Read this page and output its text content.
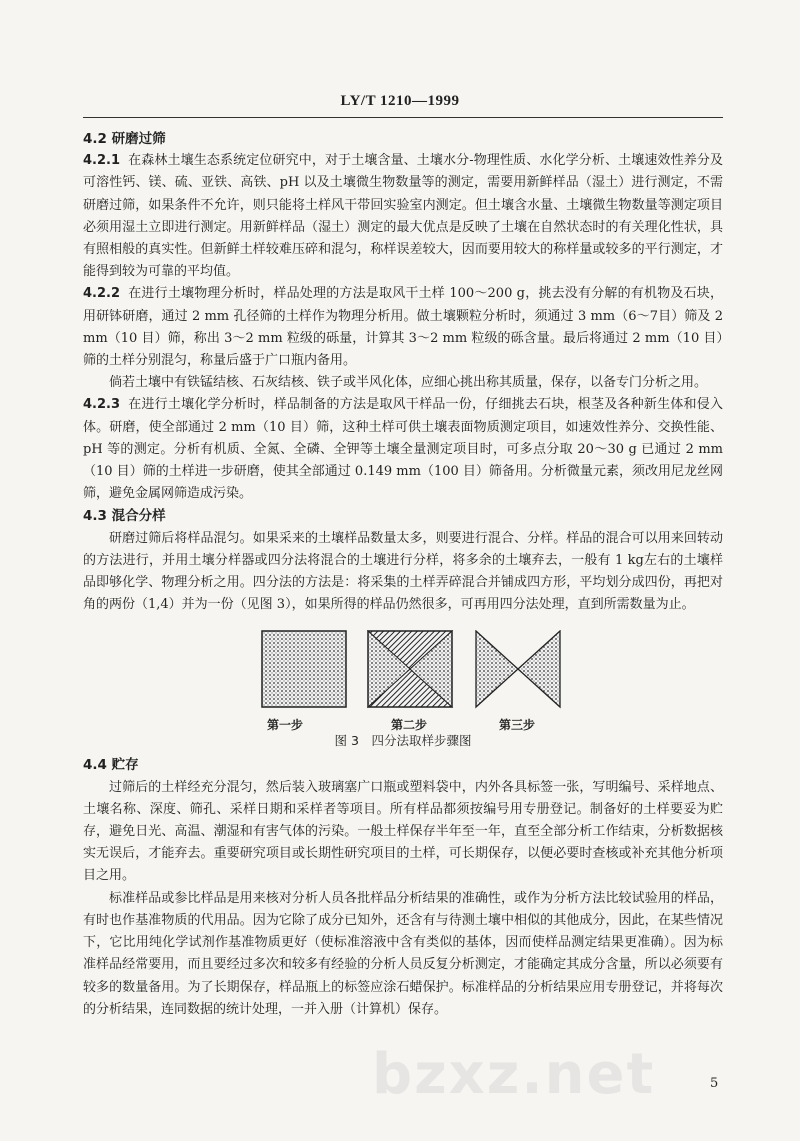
LY/T 1210—1999

4.2 研磨过筛

4.2.1 在森林土壤生态系统定位研究中，对于土壤含量、土壤水分-物理性质、水化学分析、土壤速效性养分及可溶性钙、镁、硫、亚铁、高铁、pH 以及土壤微生物数量等的测定，需要用新鲜样品（湿土）进行测定，不需研磨过筛，如果条件不允许，则只能将土样风干带回实验室内测定。但土壤含水量、土壤微生物数量等测定项目必须用湿土立即进行测定。用新鲜样品（湿土）测定的最大优点是反映了土壤在自然状态时的有关理化性状，具有照相般的真实性。但新鲜土样较难压碎和混匀，称样误差较大，因而要用较大的称样量或较多的平行测定，才能得到较为可靠的平均值。

4.2.2 在进行土壤物理分析时，样品处理的方法是取风干土样 100～200 g，挑去没有分解的有机物及石块，用研钵研磨，通过 2 mm 孔径筛的土样作为物理分析用。做土壤颗粒分析时，须通过 3 mm（6～7目）筛及 2 mm（10 目）筛，称出 3～2 mm 粒级的砾量，计算其 3～2 mm 粒级的砾含量。最后将通过 2 mm（10 目）筛的土样分别混匀，称量后盛于广口瓶内备用。

倘若土壤中有铁锰结核、石灰结核、铁子或半风化体，应细心挑出称其质量，保存，以备专门分析之用。

4.2.3 在进行土壤化学分析时，样品制备的方法是取风干样品一份，仔细挑去石块，根茎及各种新生体和侵入体。研磨，使全部通过 2 mm（10 目）筛，这种土样可供土壤表面物质测定项目，如速效性养分、交换性能、pH 等的测定。分析有机质、全氮、全磷、全钾等土壤全量测定项目时，可多点分取 20～30 g 已通过 2 mm（10 目）筛的土样进一步研磨，使其全部通过 0.149 mm（100 目）筛备用。分析微量元素，须改用尼龙丝网筛，避免金属网筛造成污染。

4.3 混合分样

研磨过筛后将样品混匀。如果采来的土壤样品数量太多，则要进行混合、分样。样品的混合可以用来回转动的方法进行，并用土壤分样器或四分法将混合的土壤进行分样，将多余的土壤弃去，一般有 1 kg左右的土壤样品即够化学、物理分析之用。四分法的方法是：将采集的土样弄碎混合并铺成四方形，平均划分成四份，再把对角的两份（1,4）并为一份（见图 3），如果所得的样品仍然很多，可再用四分法处理，直到所需数量为止。

第一步	第二步	第三步
图 3　四分法取样步骤图

4.4 贮存

过筛后的土样经充分混匀，然后装入玻璃塞广口瓶或塑料袋中，内外各具标签一张，写明编号、采样地点、土壤名称、深度、筛孔、采样日期和采样者等项目。所有样品都须按编号用专册登记。制备好的土样要妥为贮存，避免日光、高温、潮湿和有害气体的污染。一般土样保存半年至一年，直至全部分析工作结束，分析数据核实无误后，才能弃去。重要研究项目或长期性研究项目的土样，可长期保存，以便必要时查核或补充其他分析项目之用。

标准样品或参比样品是用来核对分析人员各批样品分析结果的准确性，或作为分析方法比较试验用的样品，有时也作基准物质的代用品。因为它除了成分已知外，还含有与待测土壤中相似的其他成分，因此，在某些情况下，它比用纯化学试剂作基准物质更好（使标准溶液中含有类似的基体，因而使样品测定结果更准确）。因为标准样品经常要用，而且要经过多次和较多有经验的分析人员反复分析测定，才能确定其成分含量，所以必须要有较多的数量备用。为了长期保存，样品瓶上的标签应涂石蜡保护。标准样品的分析结果应用专册登记，并将每次的分析结果，连同数据的统计处理，一并入册（计算机）保存。

bzxz.net	5
